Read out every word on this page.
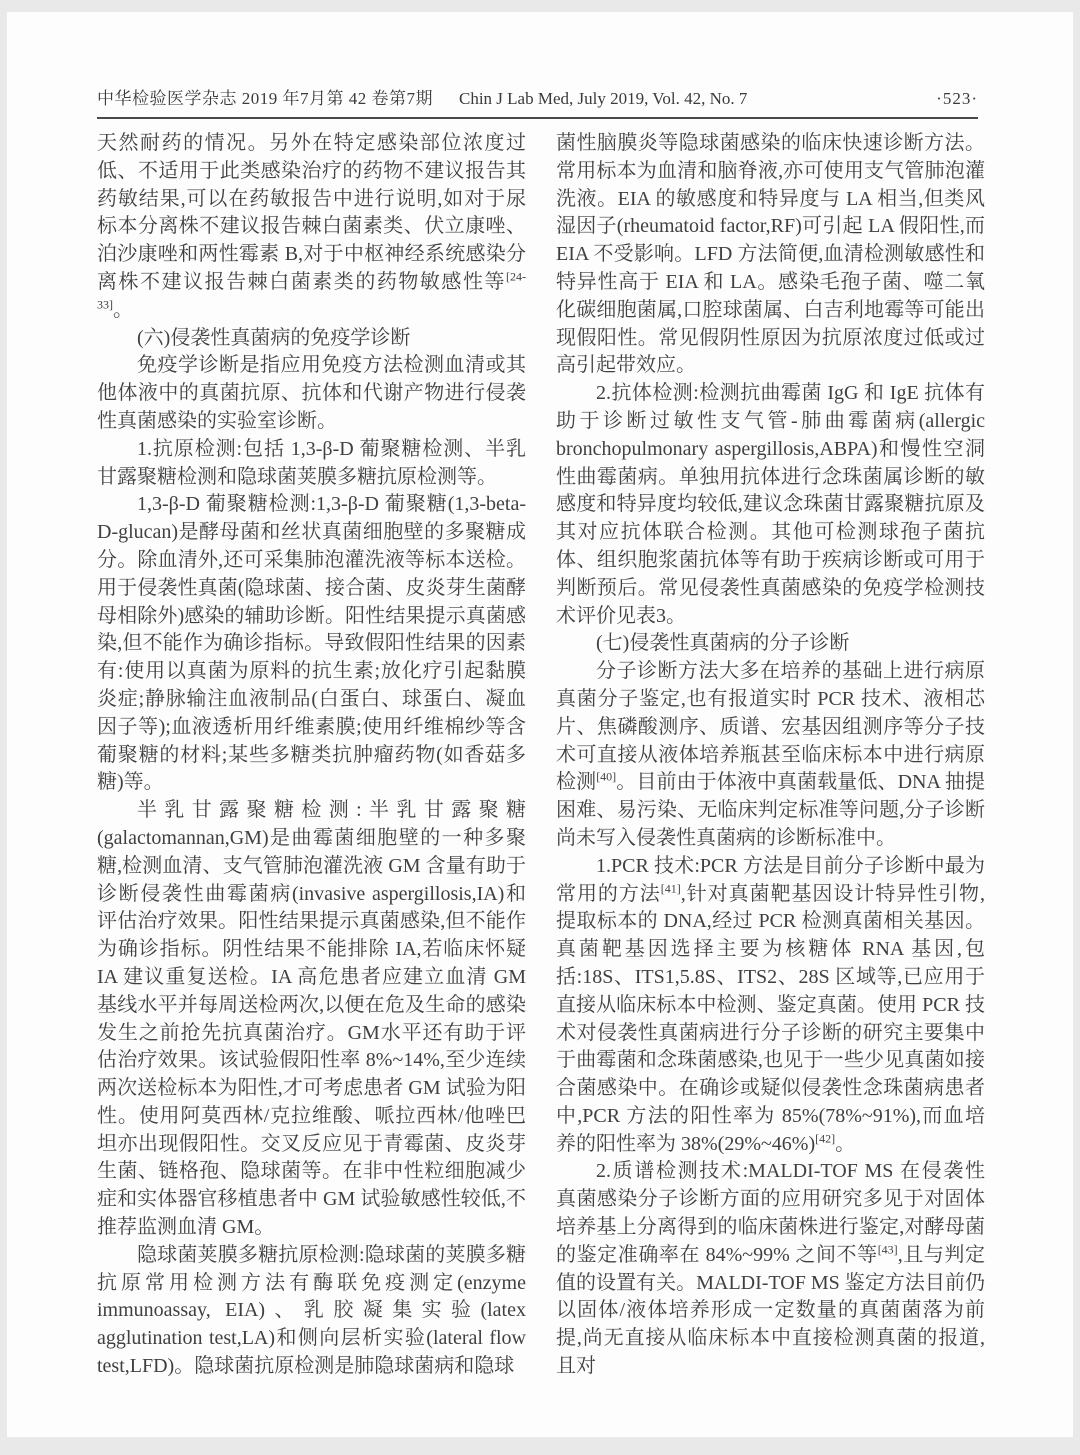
中华检验医学杂志 2019 年7月第 42 卷第7期 Chin J Lab Med, July 2019, Vol. 42, No. 7	·523·

天然耐药的情况。另外在特定感染部位浓度过低、不适用于此类感染治疗的药物不建议报告其药敏结果,可以在药敏报告中进行说明,如对于尿标本分离株不建议报告棘白菌素类、伏立康唑、泊沙康唑和两性霉素 B,对于中枢神经系统感染分离株不建议报告棘白菌素类的药物敏感性等[24-33]。

(六)侵袭性真菌病的免疫学诊断

免疫学诊断是指应用免疫方法检测血清或其他体液中的真菌抗原、抗体和代谢产物进行侵袭性真菌感染的实验室诊断。

1.抗原检测:包括 1,3-β-D 葡聚糖检测、半乳甘露聚糖检测和隐球菌荚膜多糖抗原检测等。

1,3-β-D 葡聚糖检测:1,3-β-D 葡聚糖(1,3-beta-D-glucan)是酵母菌和丝状真菌细胞壁的多聚糖成分。除血清外,还可采集肺泡灌洗液等标本送检。用于侵袭性真菌(隐球菌、接合菌、皮炎芽生菌酵母相除外)感染的辅助诊断。阳性结果提示真菌感染,但不能作为确诊指标。导致假阳性结果的因素有:使用以真菌为原料的抗生素;放化疗引起黏膜炎症;静脉输注血液制品(白蛋白、球蛋白、凝血因子等);血液透析用纤维素膜;使用纤维棉纱等含葡聚糖的材料;某些多糖类抗肿瘤药物(如香菇多糖)等。

半乳甘露聚糖检测:半乳甘露聚糖(galactomannan,GM)是曲霉菌细胞壁的一种多聚糖,检测血清、支气管肺泡灌洗液 GM 含量有助于诊断侵袭性曲霉菌病(invasive aspergillosis,IA)和评估治疗效果。阳性结果提示真菌感染,但不能作为确诊指标。阴性结果不能排除 IA,若临床怀疑 IA 建议重复送检。IA 高危患者应建立血清 GM 基线水平并每周送检两次,以便在危及生命的感染发生之前抢先抗真菌治疗。GM水平还有助于评估治疗效果。该试验假阳性率 8%~14%,至少连续两次送检标本为阳性,才可考虑患者 GM 试验为阳性。使用阿莫西林/克拉维酸、哌拉西林/他唑巴坦亦出现假阳性。交叉反应见于青霉菌、皮炎芽生菌、链格孢、隐球菌等。在非中性粒细胞减少症和实体器官移植患者中 GM 试验敏感性较低,不推荐监测血清 GM。

隐球菌荚膜多糖抗原检测:隐球菌的荚膜多糖抗原常用检测方法有酶联免疫测定(enzyme immunoassay, EIA)、乳胶凝集实验(latex agglutination test,LA)和侧向层析实验(lateral flow test,LFD)。隐球菌抗原检测是肺隐球菌病和隐球

菌性脑膜炎等隐球菌感染的临床快速诊断方法。常用标本为血清和脑脊液,亦可使用支气管肺泡灌洗液。EIA 的敏感度和特异度与 LA 相当,但类风湿因子(rheumatoid factor,RF)可引起 LA 假阳性,而 EIA 不受影响。LFD 方法简便,血清检测敏感性和特异性高于 EIA 和 LA。感染毛孢子菌、噬二氧化碳细胞菌属,口腔球菌属、白吉利地霉等可能出现假阳性。常见假阴性原因为抗原浓度过低或过高引起带效应。

2.抗体检测:检测抗曲霉菌 IgG 和 IgE 抗体有助于诊断过敏性支气管-肺曲霉菌病(allergic bronchopulmonary aspergillosis,ABPA)和慢性空洞性曲霉菌病。单独用抗体进行念珠菌属诊断的敏感度和特异度均较低,建议念珠菌甘露聚糖抗原及其对应抗体联合检测。其他可检测球孢子菌抗体、组织胞浆菌抗体等有助于疾病诊断或可用于判断预后。常见侵袭性真菌感染的免疫学检测技术评价见表3。

(七)侵袭性真菌病的分子诊断

分子诊断方法大多在培养的基础上进行病原真菌分子鉴定,也有报道实时 PCR 技术、液相芯片、焦磷酸测序、质谱、宏基因组测序等分子技术可直接从液体培养瓶甚至临床标本中进行病原检测[40]。目前由于体液中真菌载量低、DNA 抽提困难、易污染、无临床判定标准等问题,分子诊断尚未写入侵袭性真菌病的诊断标准中。

1.PCR 技术:PCR 方法是目前分子诊断中最为常用的方法[41],针对真菌靶基因设计特异性引物,提取标本的 DNA,经过 PCR 检测真菌相关基因。真菌靶基因选择主要为核糖体 RNA 基因,包括:18S、ITS1,5.8S、ITS2、28S 区域等,已应用于直接从临床标本中检测、鉴定真菌。使用 PCR 技术对侵袭性真菌病进行分子诊断的研究主要集中于曲霉菌和念珠菌感染,也见于一些少见真菌如接合菌感染中。在确诊或疑似侵袭性念珠菌病患者中,PCR 方法的阳性率为 85%(78%~91%),而血培养的阳性率为 38%(29%~46%)[42]。

2.质谱检测技术:MALDI-TOF MS 在侵袭性真菌感染分子诊断方面的应用研究多见于对固体培养基上分离得到的临床菌株进行鉴定,对酵母菌的鉴定准确率在 84%~99% 之间不等[43],且与判定值的设置有关。MALDI-TOF MS 鉴定方法目前仍以固体/液体培养形成一定数量的真菌菌落为前提,尚无直接从临床标本中直接检测真菌的报道,且对
